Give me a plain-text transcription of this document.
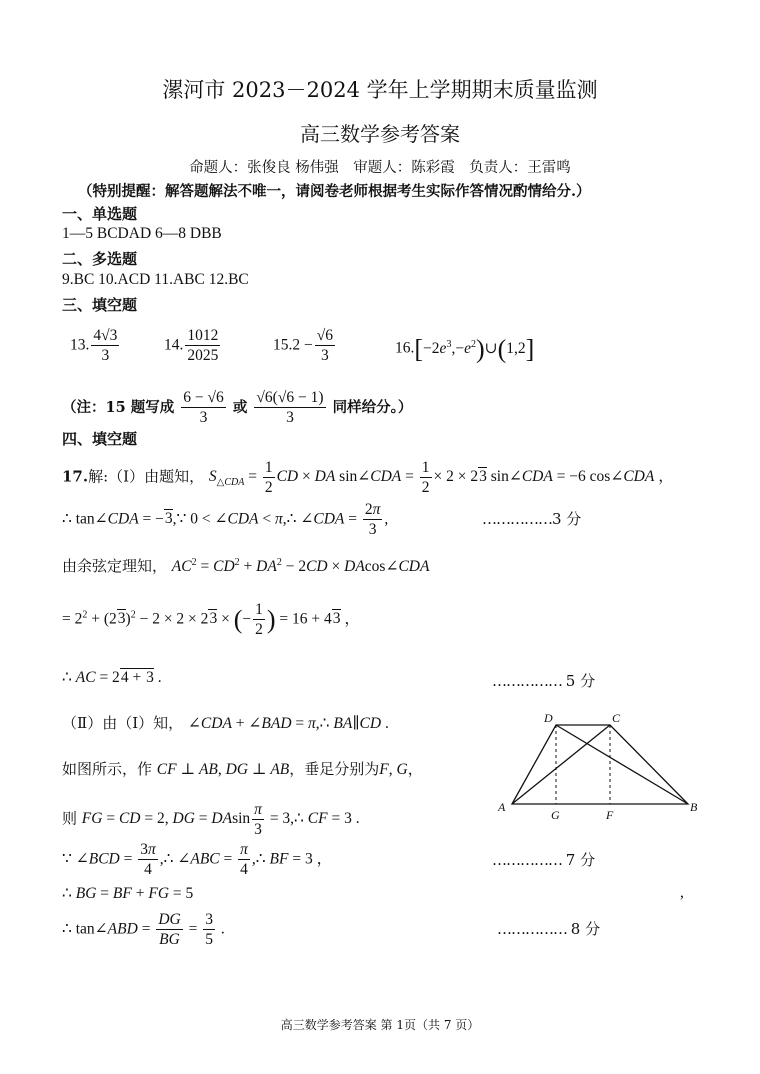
漯河市 2023－2024 学年上学期期末质量监测
高三数学参考答案
命题人：张俊良 杨伟强　审题人：陈彩霞　负责人：王雷鸣
（特别提醒：解答题解法不唯一，请阅卷老师根据考生实际作答情况酌情给分.）
一、单选题
1—5 BCDAD 6—8 DBB
二、多选题
9.BC 10.ACD 11.ABC 12.BC
三、填空题
13. $\frac{4√3}{3}$	14. $\frac{1012}{2025}$	$15.2 - \frac{√6}{3}$	$16.[-2e^3,-e^2)\cup(1,2]$
（注：15 题写成 $\frac{6 - √6}{3}$ 或 $\frac{√6(√6 - 1)}{3}$ 同样给分。）
四、填空题
17.解:（Ⅰ）由题知， $S_{\triangle CDA} = \frac{1}{2}$ CD × DA sin∠CDA = $\frac{1}{2} \times 2 \times 23$ sin∠CDA = −6 cos∠CDA ，
∴ tan∠CDA = −3,∵ 0 < ∠CDA < π,∴ ∠CDA = $\frac{2\pi}{3}$ ,	……………3 分
由余弦定理知， $AC^2 = CD^2 + DA^2 - 2CD$ × DAcos∠CDA
= $2^2 + (23)^2 - 2 \times 2 \times 23$ × (− $\frac{1}{2}$ ) = 16 + 43 ，
∴ AC = 24 + 3 .	…………… 5 分
（Ⅱ）由（Ⅰ）知， ∠CDA + ∠BAD = π,∴ BA∥CD .
如图所示，作 CF ⊥ AB, DG ⊥ AB，垂足分别为F, G，
则 FG = CD = 2, DG = DAsin $\frac{\pi}{3}$ = 3,∴ CF = 3 .
∵ ∠BCD = $\frac{3\pi}{4}$ ,∴ ∠ABC = $\frac{\pi}{4}$ ,∴ BF = 3 ，	…………… 7 分
∴ BG = BF + FG = 5	,
∴ tan∠ABD = $\frac{DG}{BG} = \frac{3}{5}$ .	…………… 8 分
A	B
C
D
G	F
高三数学参考答案 第 1页（共 7 页）
